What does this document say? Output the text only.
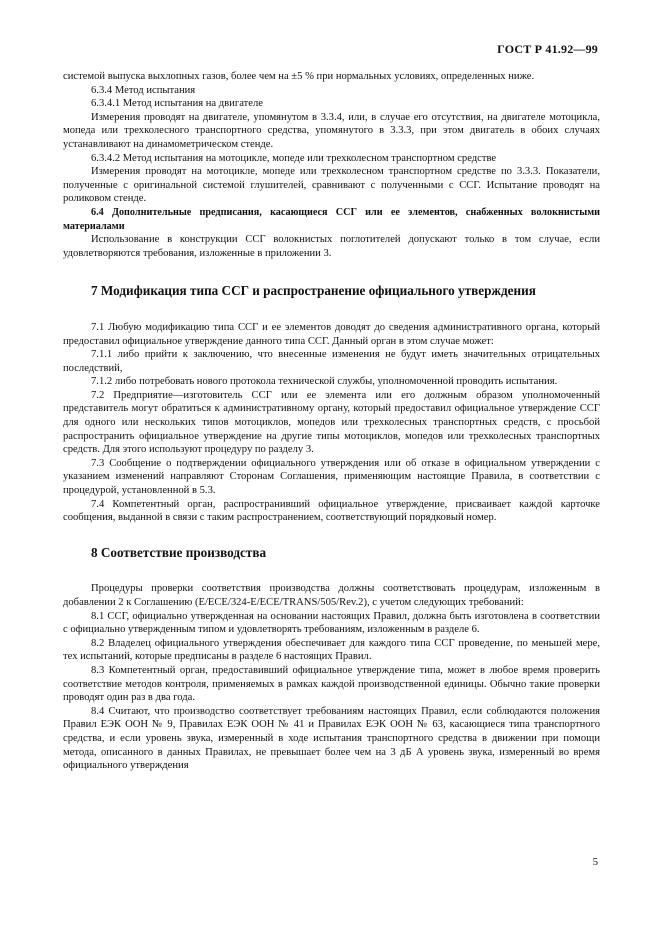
ГОСТ Р 41.92—99

системой выпуска выхлопных газов, более чем на ±5 % при нормальных условиях, определенных ниже.

6.3.4 Метод испытания

6.3.4.1 Метод испытания на двигателе

Измерения проводят на двигателе, упомянутом в 3.3.4, или, в случае его отсутствия, на двигателе мотоцикла, мопеда или трехколесного транспортного средства, упомянутого в 3.3.3, при этом двигатель в обоих случаях устанавливают на динамометрическом стенде.

6.3.4.2 Метод испытания на мотоцикле, мопеде или трехколесном транспортном средстве

Измерения проводят на мотоцикле, мопеде или трехколесном транспортном средстве по 3.3.3. Показатели, полученные с оригинальной системой глушителей, сравнивают с полученными с ССГ. Испытание проводят на роликовом стенде.

6.4 Дополнительные предписания, касающиеся ССГ или ее элементов, снабженных волокнистыми материалами

Использование в конструкции ССГ волокнистых поглотителей допускают только в том случае, если удовлетворяются требования, изложенные в приложении 3.

7 Модификация типа ССГ и распространение официального утверждения

7.1 Любую модификацию типа ССГ и ее элементов доводят до сведения административного органа, который предоставил официальное утверждение данного типа ССГ. Данный орган в этом случае может:

7.1.1 либо прийти к заключению, что внесенные изменения не будут иметь значительных отрицательных последствий,

7.1.2 либо потребовать нового протокола технической службы, уполномоченной проводить испытания.

7.2 Предприятие—изготовитель ССГ или ее элемента или его должным образом уполномоченный представитель могут обратиться к административному органу, который предоставил официальное утверждение ССГ для одного или нескольких типов мотоциклов, мопедов или трехколесных транспортных средств, с просьбой распространить официальное утверждение на другие типы мотоциклов, мопедов или трехколесных транспортных средств. Для этого используют процедуру по разделу 3.

7.3 Сообщение о подтверждении официального утверждения или об отказе в официальном утверждении с указанием изменений направляют Сторонам Соглашения, применяющим настоящие Правила, в соответствии с процедурой, установленной в 5.3.

7.4 Компетентный орган, распространивший официальное утверждение, присваивает каждой карточке сообщения, выданной в связи с таким распространением, соответствующий порядковый номер.

8 Соответствие производства

Процедуры проверки соответствия производства должны соответствовать процедурам, изложенным в добавлении 2 к Соглашению (E/ECE/324-E/ECE/TRANS/505/Rev.2), с учетом следующих требований:

8.1 ССГ, официально утвержденная на основании настоящих Правил, должна быть изготовлена в соответствии с официально утвержденным типом и удовлетворять требованиям, изложенным в разделе 6.

8.2 Владелец официального утверждения обеспечивает для каждого типа ССГ проведение, по меньшей мере, тех испытаний, которые предписаны в разделе 6 настоящих Правил.

8.3 Компетентный орган, предоставивший официальное утверждение типа, может в любое время проверить соответствие методов контроля, применяемых в рамках каждой производственной единицы. Обычно такие проверки проводят один раз в два года.

8.4 Считают, что производство соответствует требованиям настоящих Правил, если соблюдаются положения Правил ЕЭК ООН № 9, Правилах ЕЭК ООН № 41 и Правилах ЕЭК ООН № 63, касающиеся типа транспортного средства, и если уровень звука, измеренный в ходе испытания транспортного средства в движении при помощи метода, описанного в данных Правилах, не превышает более чем на 3 дБ А уровень звука, измеренный во время официального утверждения

5
